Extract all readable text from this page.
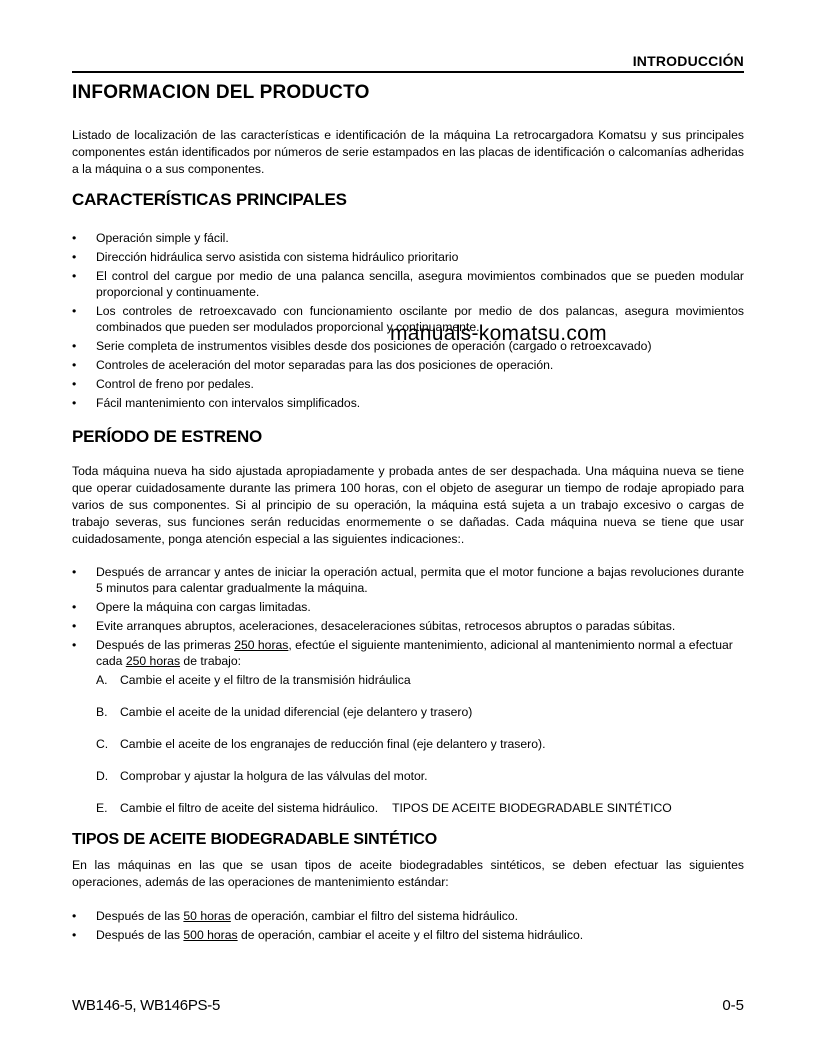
INTRODUCCIÓN
INFORMACION DEL PRODUCTO

Listado de localización de las características e identificación de la máquina La retrocargadora Komatsu y sus principales componentes están identificados por números de serie estampados en las placas de identificación o calcomanías adheridas a la máquina o a sus componentes.

CARACTERÍSTICAS PRINCIPALES
•	Operación simple y fácil.
•	Dirección hidráulica servo asistida con sistema hidráulico prioritario
•	El control del cargue por medio de una palanca sencilla, asegura movimientos combinados que se pueden modular proporcional y continuamente.
•	Los controles de retroexcavado con funcionamiento oscilante por medio de dos palancas, asegura movimientos combinados que pueden ser modulados proporcional y continuamente.
•	Serie completa de instrumentos visibles desde dos posiciones de operación (cargado o retroexcavado)
•	Controles de aceleración del motor separadas para las dos posiciones de operación.
•	Control de freno por pedales.
•	Fácil mantenimiento con intervalos simplificados.
PERÍODO DE ESTRENO

Toda máquina nueva ha sido ajustada apropiadamente y probada antes de ser despachada. Una máquina nueva se tiene que operar cuidadosamente durante las primera 100 horas, con el objeto de asegurar un tiempo de rodaje apropiado para varios de sus componentes. Si al principio de su operación, la máquina está sujeta a un trabajo excesivo o cargas de trabajo severas, sus funciones serán reducidas enormemente o se dañadas. Cada máquina nueva se tiene que usar cuidadosamente, ponga atención especial a las siguientes indicaciones:.

•	Después de arrancar y antes de iniciar la operación actual, permita que el motor funcione a bajas revoluciones durante 5 minutos para calentar gradualmente la máquina.
•	Opere la máquina con cargas limitadas.
•	Evite arranques abruptos, aceleraciones, desaceleraciones súbitas, retrocesos abruptos o paradas súbitas.
•	Después de las primeras 250 horas, efectúe el siguiente mantenimiento, adicional al mantenimiento normal a efectuar cada 250 horas de trabajo:
A. Cambie el aceite y el filtro de la transmisión hidráulica
B. Cambie el aceite de la unidad diferencial (eje delantero y trasero)
C. Cambie el aceite de los engranajes de reducción final (eje delantero y trasero).
D. Comprobar y ajustar la holgura de las válvulas del motor.
E. Cambie el filtro de aceite del sistema hidráulico. TIPOS DE ACEITE BIODEGRADABLE SINTÉTICO
TIPOS DE ACEITE BIODEGRADABLE SINTÉTICO

En las máquinas en las que se usan tipos de aceite biodegradables sintéticos, se deben efectuar las siguientes operaciones, además de las operaciones de mantenimiento estándar:

•	Después de las 50 horas de operación, cambiar el filtro del sistema hidráulico.
•	Después de las 500 horas de operación, cambiar el aceite y el filtro del sistema hidráulico.
WB146-5, WB146PS-5	0-5
manuals-komatsu.com
